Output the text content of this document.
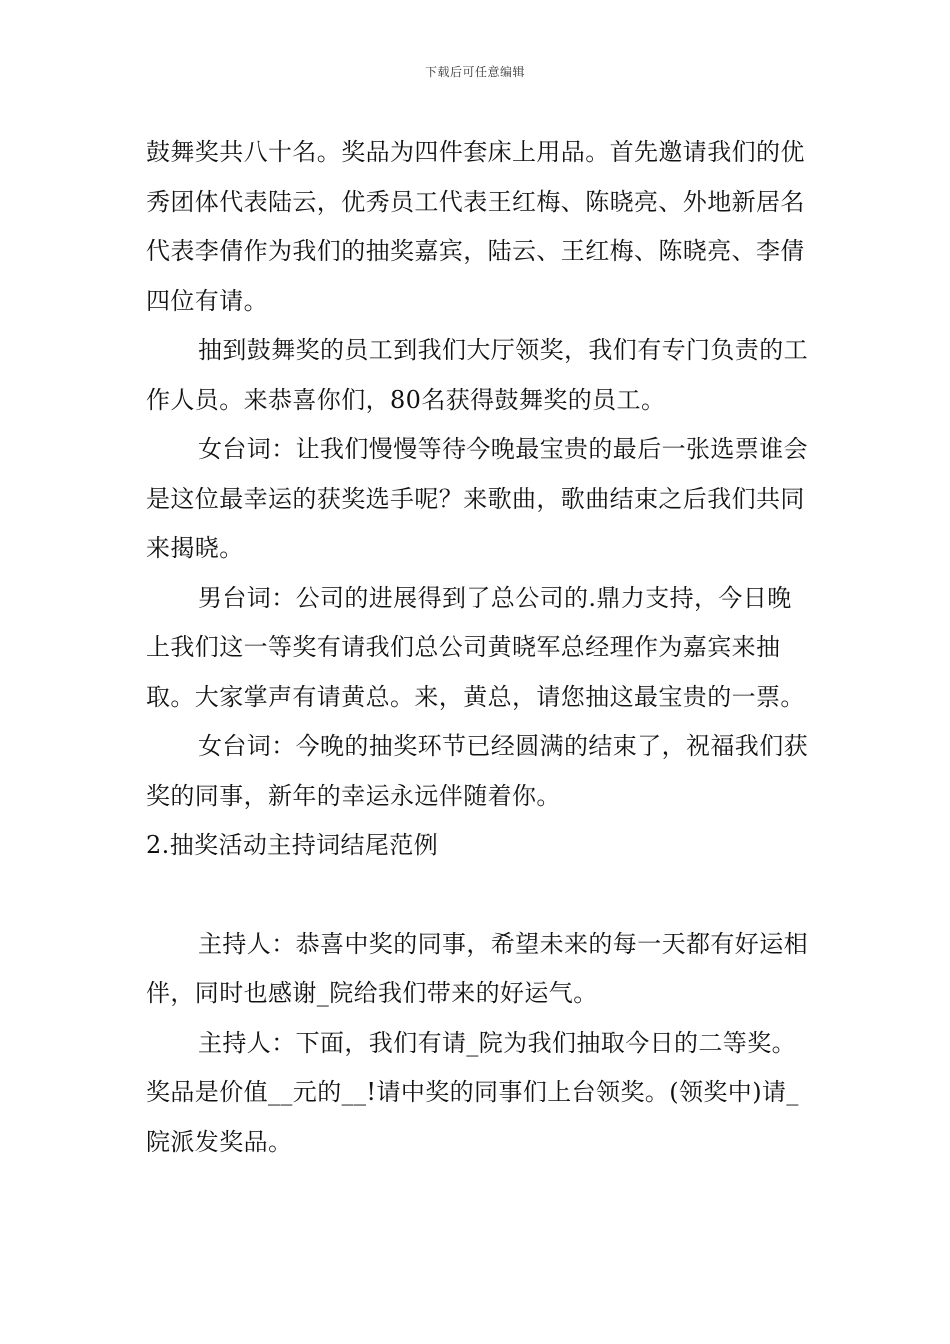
下载后可任意编辑

鼓舞奖共八十名。奖品为四件套床上用品。首先邀请我们的优秀团体代表陆云，优秀员工代表王红梅、陈晓亮、外地新居名代表李倩作为我们的抽奖嘉宾，陆云、王红梅、陈晓亮、李倩四位有请。

抽到鼓舞奖的员工到我们大厅领奖，我们有专门负责的工作人员。来恭喜你们，80名获得鼓舞奖的员工。

女台词：让我们慢慢等待今晚最宝贵的最后一张选票谁会是这位最幸运的获奖选手呢？来歌曲，歌曲结束之后我们共同来揭晓。

男台词：公司的进展得到了总公司的.鼎力支持，今日晚上我们这一等奖有请我们总公司黄晓军总经理作为嘉宾来抽取。大家掌声有请黄总。来，黄总，请您抽这最宝贵的一票。

女台词：今晚的抽奖环节已经圆满的结束了，祝福我们获奖的同事，新年的幸运永远伴随着你。

2.抽奖活动主持词结尾范例

主持人：恭喜中奖的同事，希望未来的每一天都有好运相伴，同时也感谢_院给我们带来的好运气。

主持人：下面，我们有请_院为我们抽取今日的二等奖。奖品是价值__元的__!请中奖的同事们上台领奖。(领奖中)请_院派发奖品。
